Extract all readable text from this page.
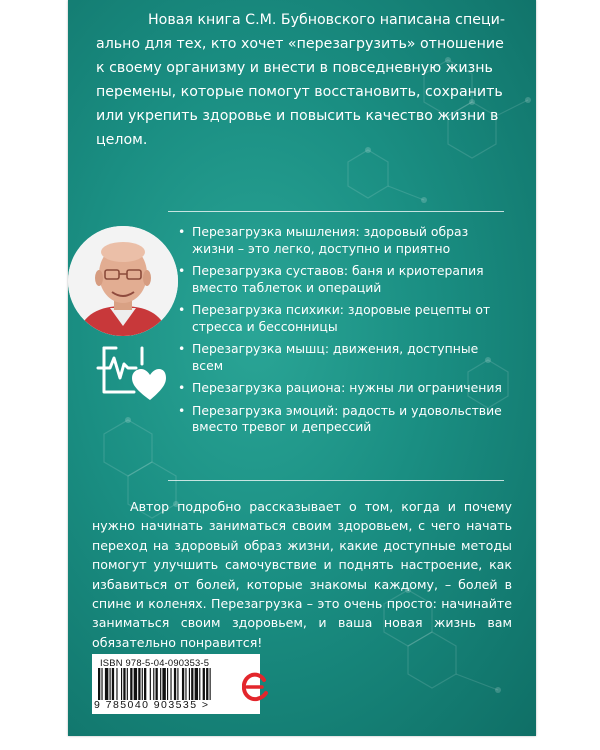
Новая книга С.М. Бубновского написана специально для тех, кто хочет «перезагрузить» отношение к своему организму и внести в повседневную жизнь перемены, которые помогут восстановить, сохранить или укрепить здоровье и повысить качество жизни в целом.

• Перезагрузка мышления: здоровый образ жизни – это легко, доступно и приятно
• Перезагрузка суставов: баня и криотерапия вместо таблеток и операций
• Перезагрузка психики: здоровые рецепты от стресса и бессонницы
• Перезагрузка мышц: движения, доступные всем
• Перезагрузка рациона: нужны ли ограничения
• Перезагрузка эмоций: радость и удовольствие вместо тревог и депрессий

Автор подробно рассказывает о том, когда и почему нужно начинать заниматься своим здоровьем, с чего начать переход на здоровый образ жизни, какие доступные методы помогут улучшить самочувствие и поднять настроение, как избавиться от болей, которые знакомы каждому, – болей в спине и коленях. Перезагрузка – это очень просто: начинайте заниматься своим здоровьем, и ваша новая жизнь вам обязательно понравится!

ISBN 978-5-04-090353-5
9 785040 903535 >
